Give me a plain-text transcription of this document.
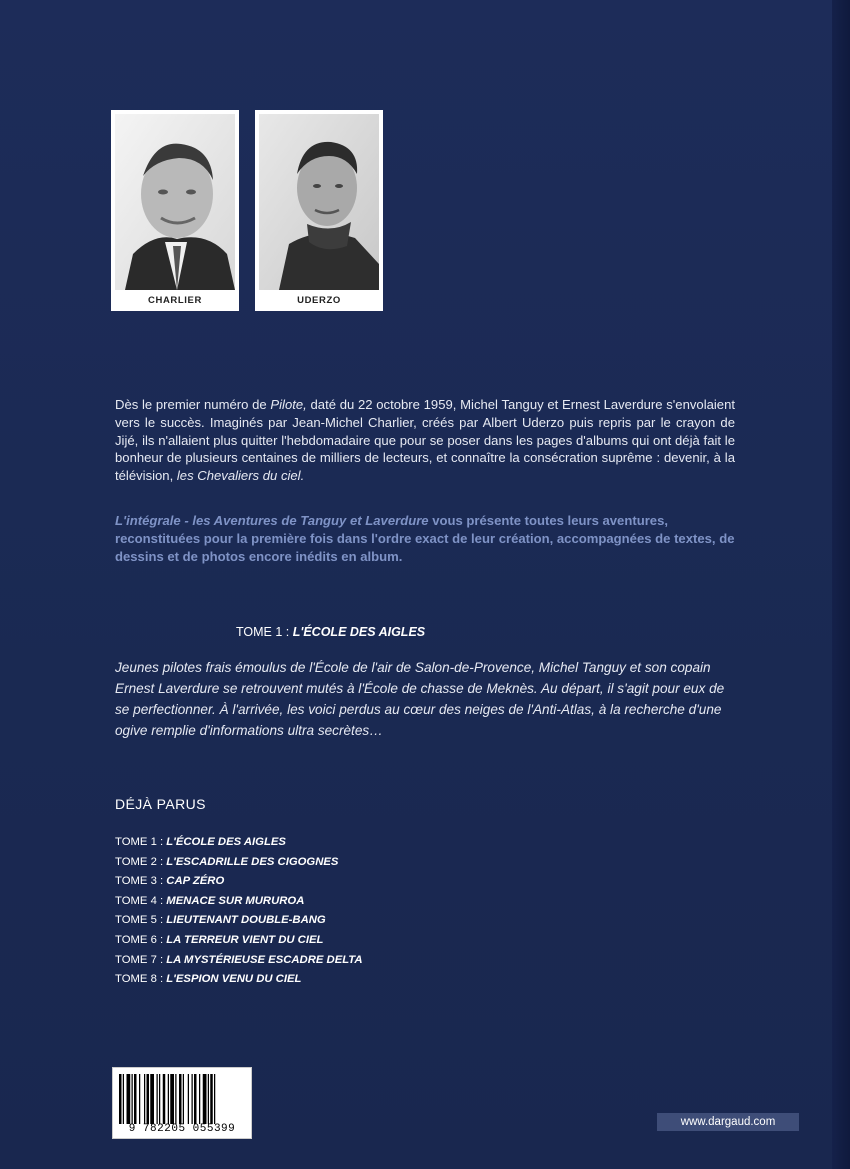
CHARLIER	UDERZO
Dès le premier numéro de Pilote, daté du 22 octobre 1959, Michel Tanguy et Ernest Laverdure s'envolaient vers le succès. Imaginés par Jean-Michel Charlier, créés par Albert Uderzo puis repris par le crayon de Jijé, ils n'allaient plus quitter l'hebdomadaire que pour se poser dans les pages d'albums qui ont déjà fait le bonheur de plusieurs centaines de milliers de lecteurs, et connaître la consécration suprême : devenir, à la télévision, les Chevaliers du ciel.
L'intégrale - les Aventures de Tanguy et Laverdure vous présente toutes leurs aventures, reconstituées pour la première fois dans l'ordre exact de leur création, accompagnées de textes, de dessins et de photos encore inédits en album.
TOME 1 : L'ÉCOLE DES AIGLES
Jeunes pilotes frais émoulus de l'École de l'air de Salon-de-Provence, Michel Tanguy et son copain Ernest Laverdure se retrouvent mutés à l'École de chasse de Meknès. Au départ, il s'agit pour eux de se perfectionner. À l'arrivée, les voici perdus au cœur des neiges de l'Anti-Atlas, à la recherche d'une ogive remplie d'informations ultra secrètes…
DÉJÀ PARUS
TOME 1 : L'ÉCOLE DES AIGLES
TOME 2 : L'ESCADRILLE DES CIGOGNES
TOME 3 : CAP ZÉRO
TOME 4 : MENACE SUR MURUROA
TOME 5 : LIEUTENANT DOUBLE-BANG
TOME 6 : LA TERREUR VIENT DU CIEL
TOME 7 : LA MYSTÉRIEUSE ESCADRE DELTA
TOME 8 : L'ESPION VENU DU CIEL
9 782205 055399
www.dargaud.com
